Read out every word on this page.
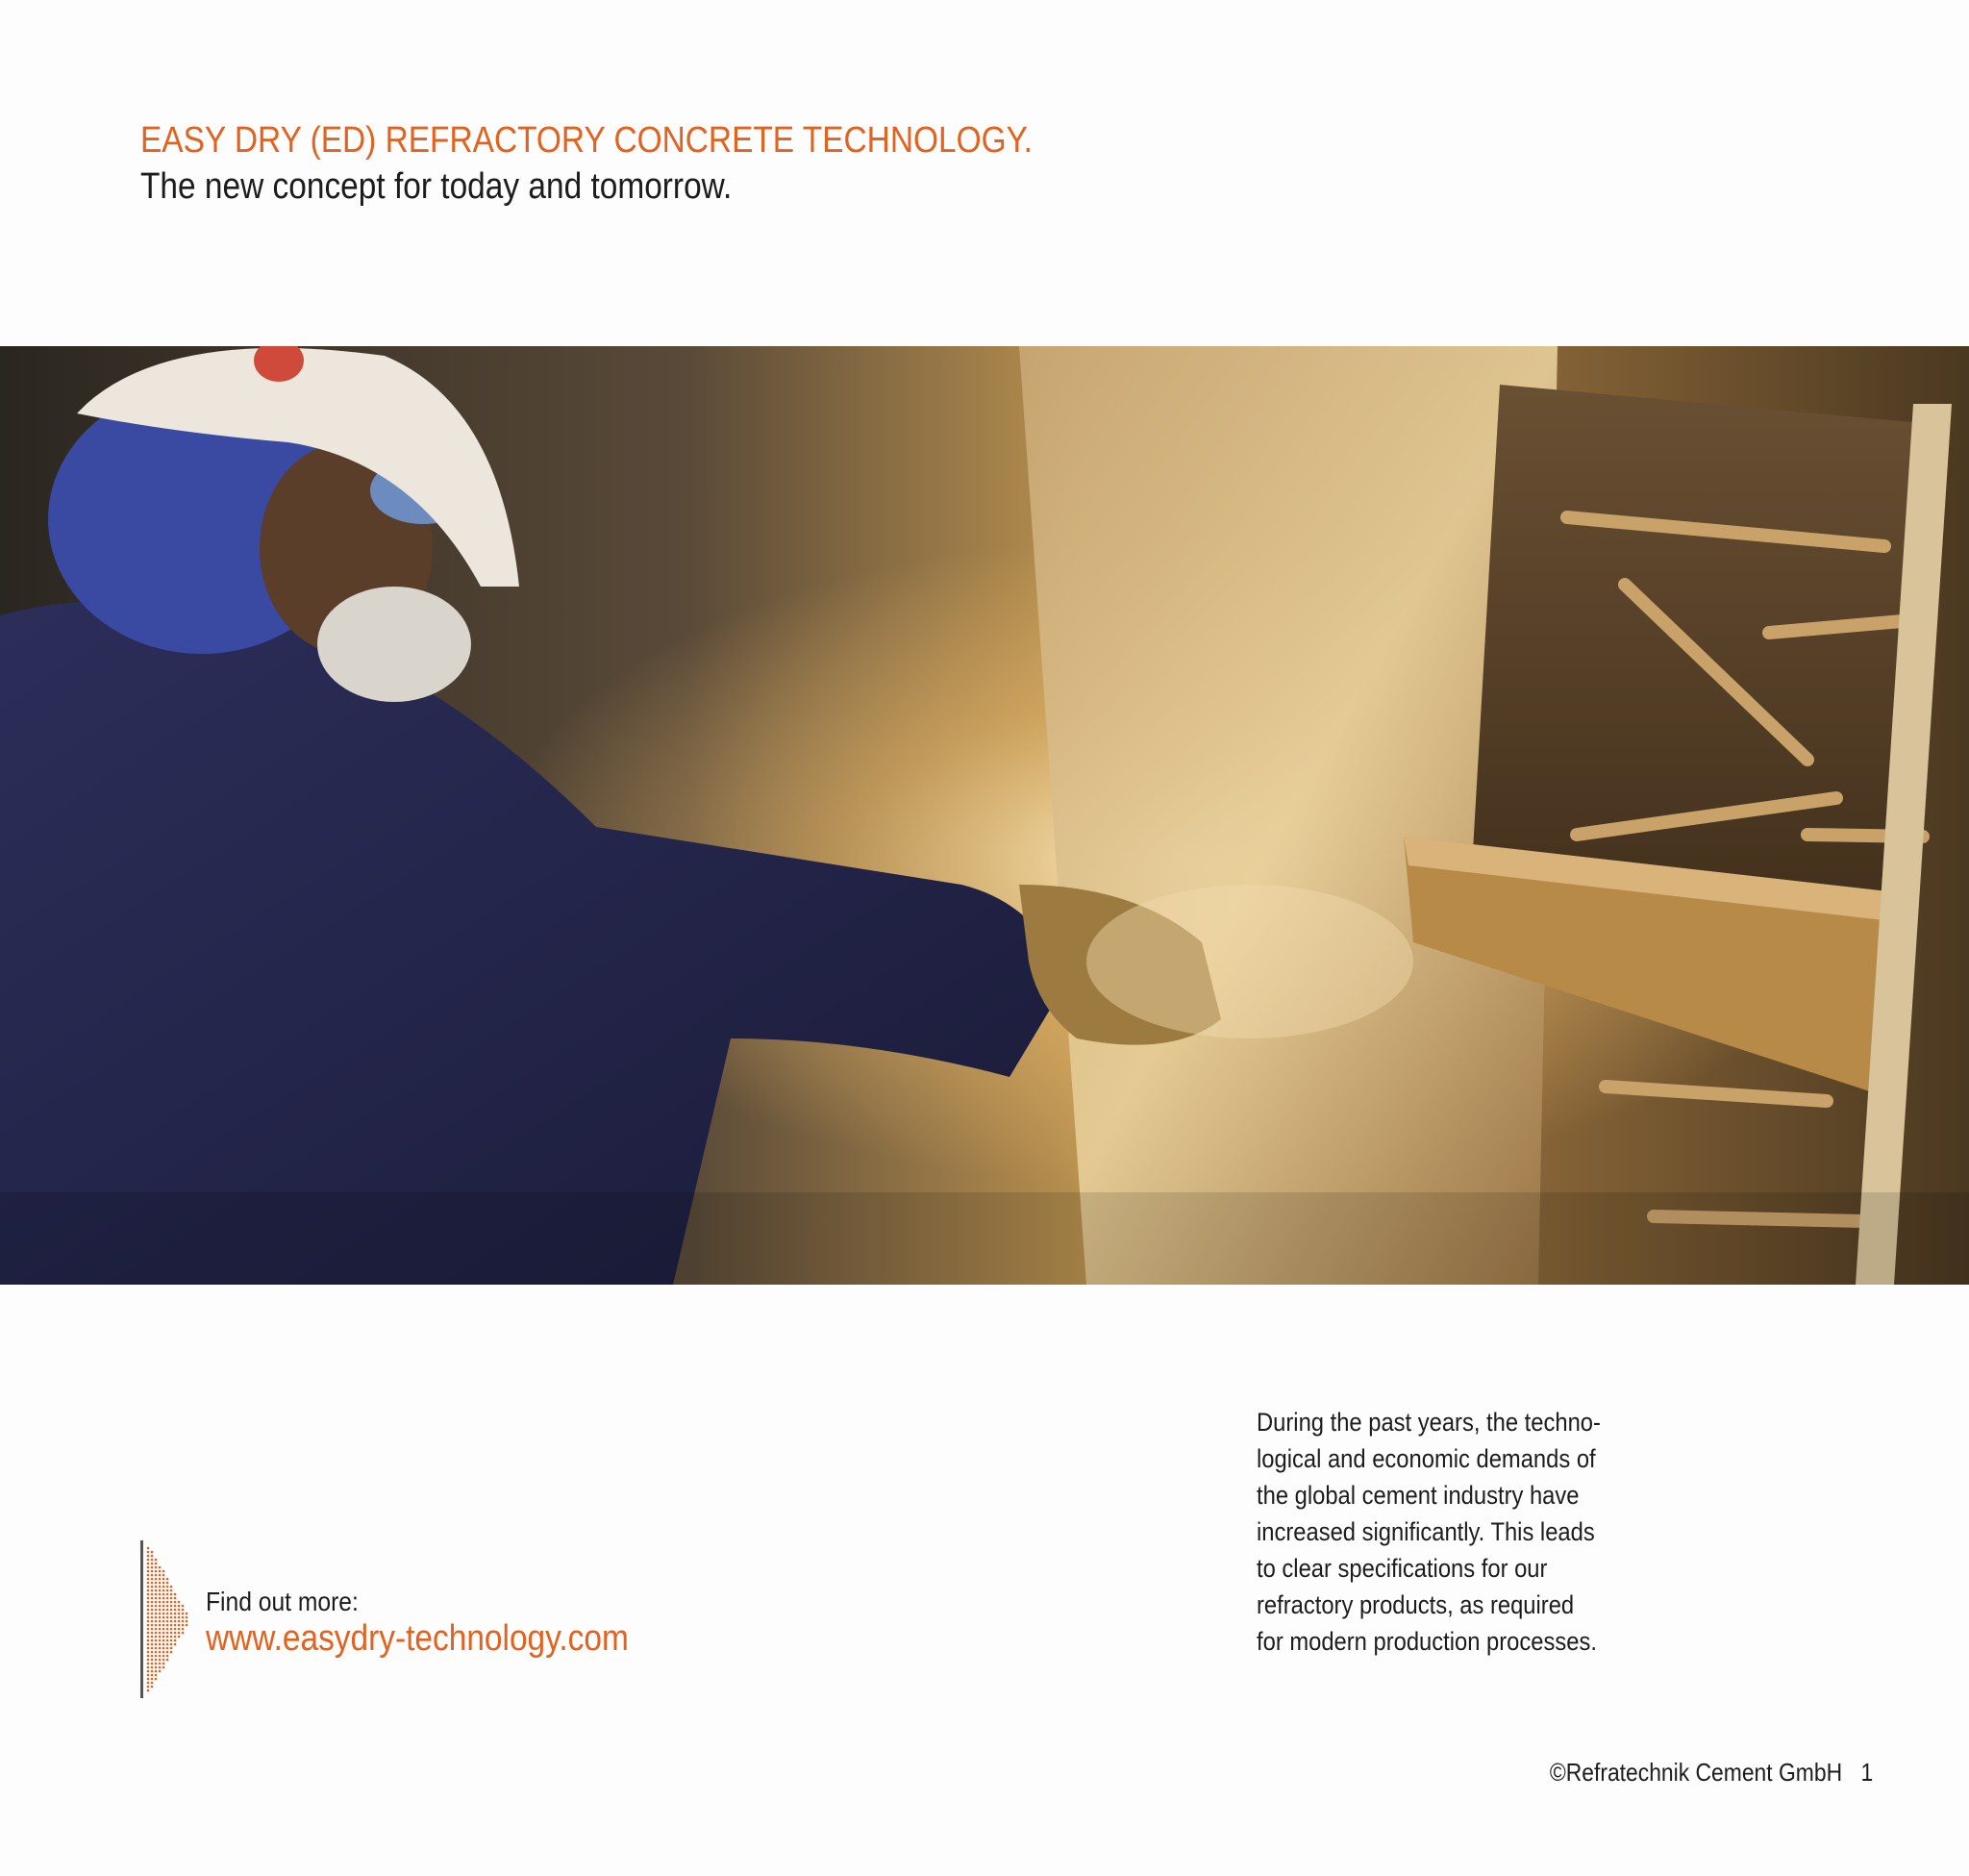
EASY DRY (ED) REFRACTORY CONCRETE TECHNOLOGY.
The new concept for today and tomorrow.
During the past years, the techno-
logical and economic demands of
the global cement industry have
increased significantly. This leads
to clear specifications for our
refractory products, as required
for modern production processes.
Find out more:
www.easydry-technology.com
©Refratechnik Cement GmbH 1
